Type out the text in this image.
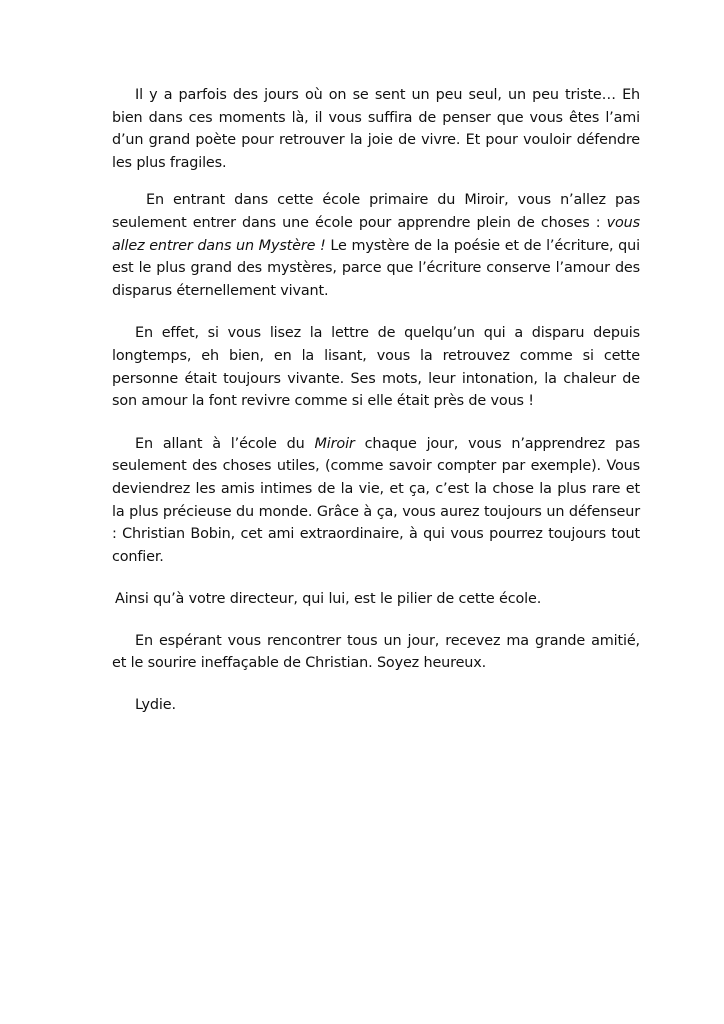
Il y a parfois des jours où on se sent un peu seul, un peu triste… Eh bien dans ces moments là, il vous suffira de penser que vous êtes l’ami d’un grand poète pour retrouver la joie de vivre. Et pour vouloir défendre les plus fragiles.

En entrant dans cette école primaire du Miroir, vous n’allez pas seulement entrer dans une école pour apprendre plein de choses : vous allez entrer dans un Mystère ! Le mystère de la poésie et de l’écriture, qui est le plus grand des mystères, parce que l’écriture conserve l’amour des disparus éternellement vivant.

En effet, si vous lisez la lettre de quelqu’un qui a disparu depuis longtemps, eh bien, en la lisant, vous la retrouvez comme si cette personne était toujours vivante. Ses mots, leur intonation, la chaleur de son amour la font revivre comme si elle était près de vous !

En allant à l’école du Miroir chaque jour, vous n’apprendrez pas seulement des choses utiles, (comme savoir compter par exemple). Vous deviendrez les amis intimes de la vie, et ça, c’est la chose la plus rare et la plus précieuse du monde. Grâce à ça, vous aurez toujours un défenseur : Christian Bobin, cet ami extraordinaire, à qui vous pourrez toujours tout confier.

Ainsi qu’à votre directeur, qui lui, est le pilier de cette école.

En espérant vous rencontrer tous un jour, recevez ma grande amitié, et le sourire ineffaçable de Christian. Soyez heureux.

Lydie.
